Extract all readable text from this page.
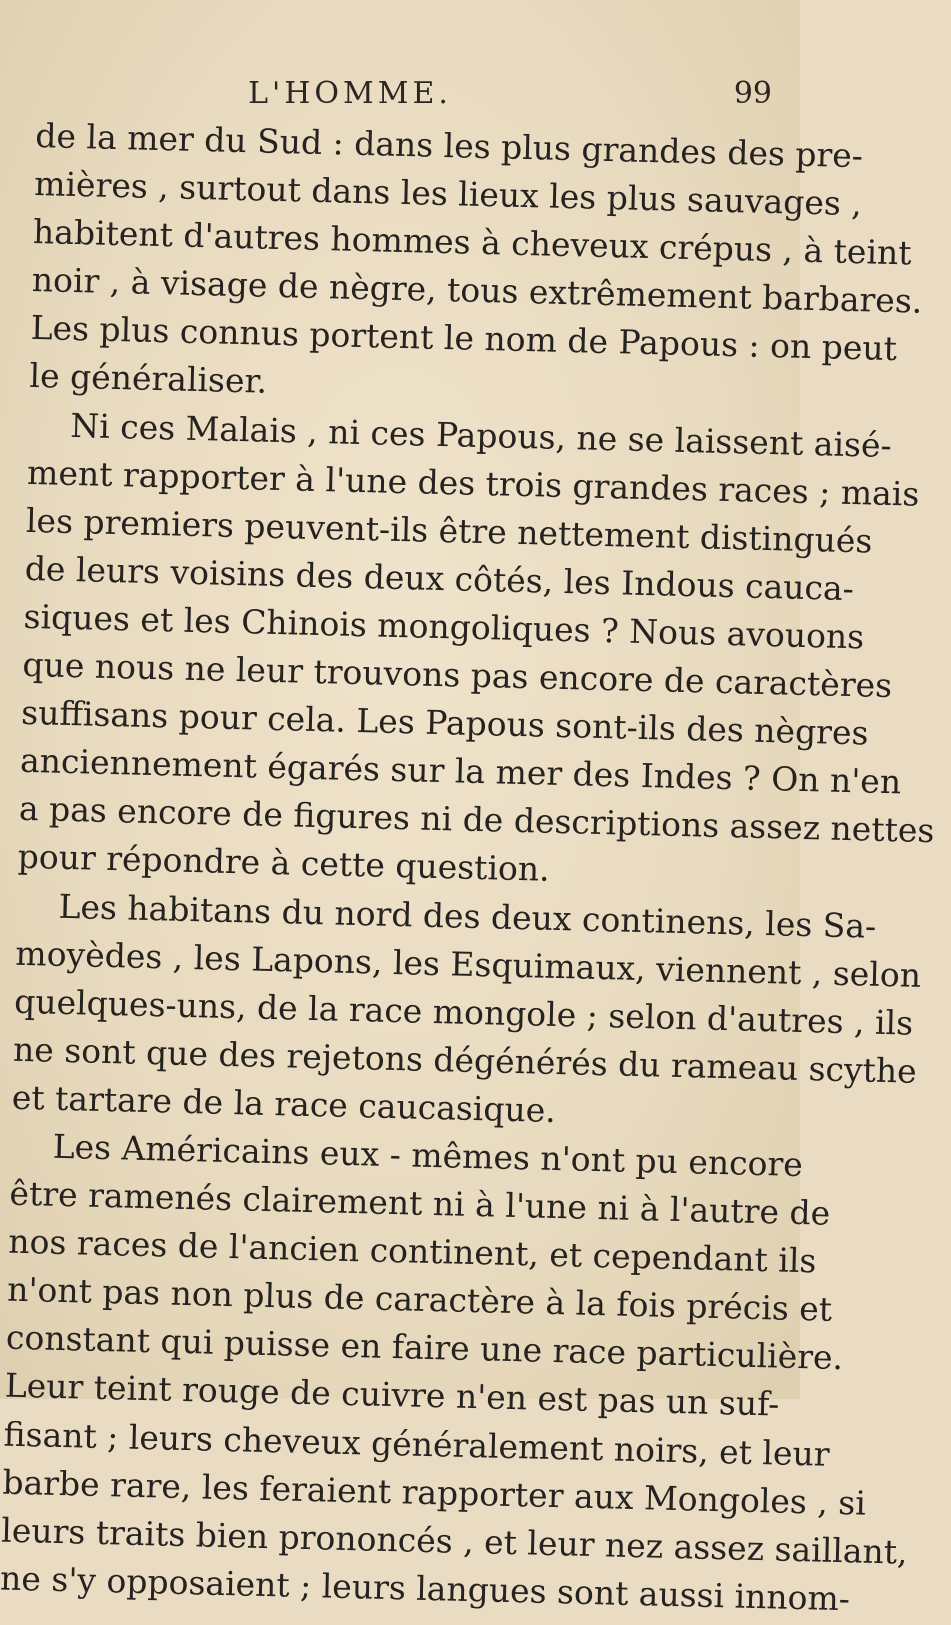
L'HOMME.	99
de la mer du Sud : dans les plus grandes des pre-
mières , surtout dans les lieux les plus sauvages ,
habitent d'autres hommes à cheveux crépus , à teint
noir , à visage de nègre, tous extrêmement barbares.
Les plus connus portent le nom de Papous : on peut
le généraliser.
Ni ces Malais , ni ces Papous, ne se laissent aisé-
ment rapporter à l'une des trois grandes races ; mais
les premiers peuvent-ils être nettement distingués
de leurs voisins des deux côtés, les Indous cauca-
siques et les Chinois mongoliques ? Nous avouons
que nous ne leur trouvons pas encore de caractères
suffisans pour cela. Les Papous sont-ils des nègres
anciennement égarés sur la mer des Indes ? On n'en
a pas encore de figures ni de descriptions assez nettes
pour répondre à cette question.
Les habitans du nord des deux continens, les Sa-
moyèdes , les Lapons, les Esquimaux, viennent , selon
quelques-uns, de la race mongole ; selon d'autres , ils
ne sont que des rejetons dégénérés du rameau scythe
et tartare de la race caucasique.
Les Américains eux - mêmes n'ont pu encore
être ramenés clairement ni à l'une ni à l'autre de
nos races de l'ancien continent, et cependant ils
n'ont pas non plus de caractère à la fois précis et
constant qui puisse en faire une race particulière.
Leur teint rouge de cuivre n'en est pas un suf-
fisant ; leurs cheveux généralement noirs, et leur
barbe rare, les feraient rapporter aux Mongoles , si
leurs traits bien prononcés , et leur nez assez saillant,
ne s'y opposaient ; leurs langues sont aussi innom-
